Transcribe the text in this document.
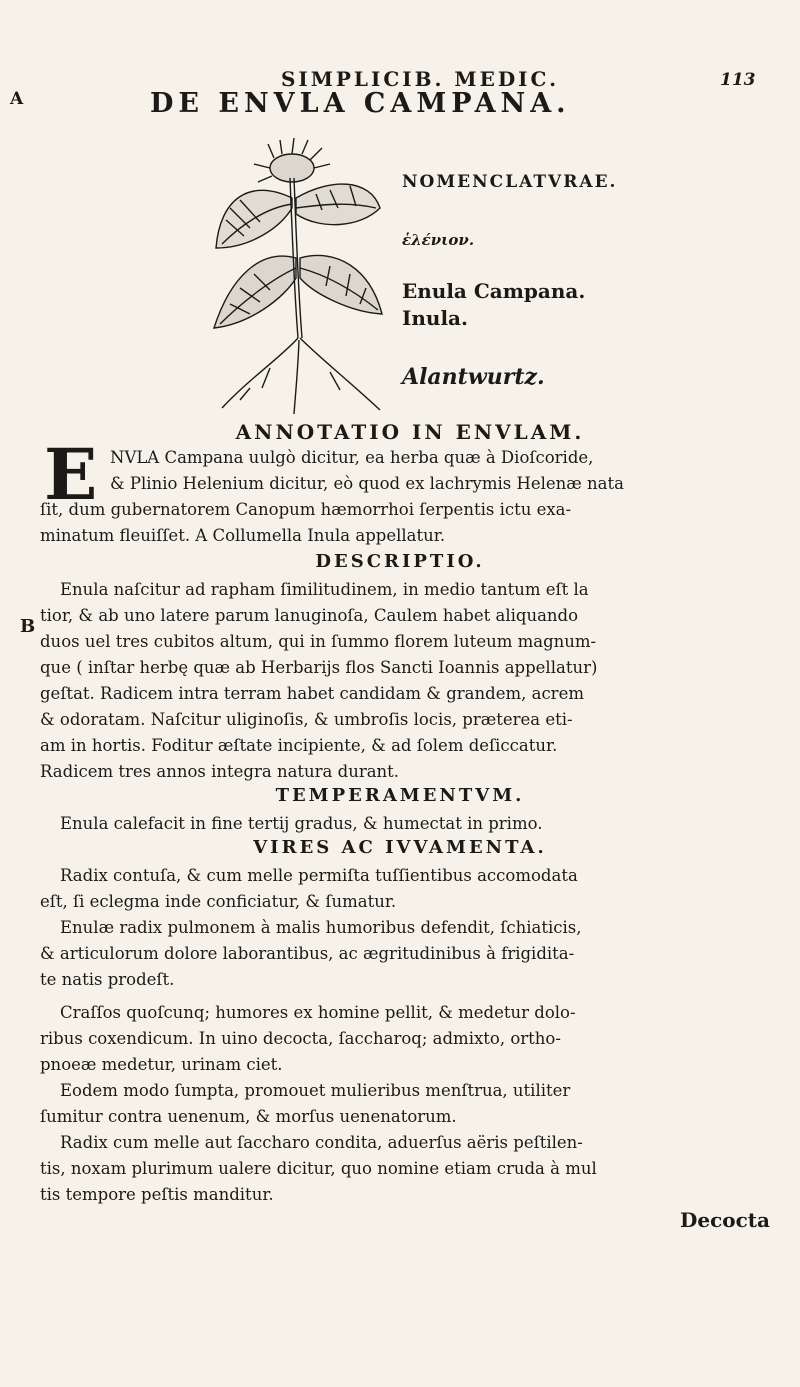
SIMPLICIB. MEDIC.	113
A	DE ENVLA CAMPANA.
NOMENCLATVRAE.
ἑλένιον.
Enula Campana.
Inula.
Alantwurtz.
ANNOTATIO IN ENVLAM.
E NVLA Campana uulgò dicitur, ea herba quæ à Dioſcoride,
& Plinio Helenium dicitur, eò quod ex lachrymis Helenæ nata
ſit, dum gubernatorem Canopum hæmorrhoi ſerpentis ictu exa-
minatum fleuiſſet. A Collumella Inula appellatur.
DESCRIPTIO.
Enula naſcitur ad rapham ſimilitudinem, in medio tantum eſt la
tior, & ab uno latere parum lanuginoſa, Caulem habet aliquando
B
duos uel tres cubitos altum, qui in ſummo florem luteum magnum-
que ( inſtar herbę quæ ab Herbarijs flos Sancti Ioannis appellatur)
geſtat. Radicem intra terram habet candidam & grandem, acrem
& odoratam. Naſcitur uliginoſis, & umbroſis locis, præterea eti-
am in hortis. Foditur æſtate incipiente, & ad ſolem deſiccatur.
Radicem tres annos integra natura durant.
TEMPERAMENTVM.
Enula calefacit in fine tertij gradus, & humectat in primo.
VIRES AC IVVAMENTA.
Radix contuſa, & cum melle permiſta tuſſientibus accomodata
eſt, ſi eclegma inde conficiatur, & ſumatur.
Enulæ radix pulmonem à malis humoribus defendit, ſchiaticis,
& articulorum dolore laborantibus, ac ægritudinibus à frigidita-
te natis prodeſt.
Craſſos quoſcunq; humores ex homine pellit, & medetur dolo-
ribus coxendicum. In uino decocta, ſaccharoq; admixto, ortho-
pnoeæ medetur, urinam ciet.
Eodem modo ſumpta, promouet mulieribus menſtrua, utiliter
ſumitur contra uenenum, & morſus uenenatorum.
Radix cum melle aut ſaccharo condita, aduerſus aëris peſtilen-
tis, noxam plurimum ualere dicitur, quo nomine etiam cruda à mul
tis tempore peſtis manditur.
Decocta
